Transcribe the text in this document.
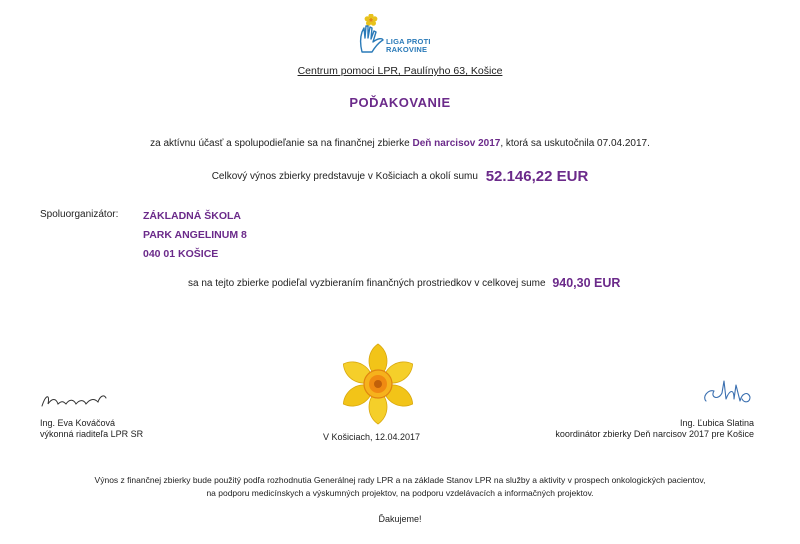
LIGA PROTI
RAKOVINE
Centrum pomoci LPR, Paulínyho 63, Košice
POĎAKOVANIE
za aktívnu účasť a spolupodieľanie sa na finančnej zbierke Deň narcisov 2017, ktorá sa uskutočnila 07.04.2017.
Celkový výnos zbierky predstavuje v Košiciach a okolí sumu 52.146,22 EUR
Spoluorganizátor: ZÁKLADNÁ ŠKOLA
PARK ANGELINUM 8
040 01 KOŠICE
sa na tejto zbierke podieľal vyzbieraním finančných prostriedkov v celkovej sume 940,30 EUR
Ing. Eva Kováčová
výkonná riaditeľa LPR SR	V Košiciach, 12.04.2017
Ing. Ľubica Slatina
koordinátor zbierky Deň narcisov 2017 pre Košice
Výnos z finančnej zbierky bude použitý podľa rozhodnutia Generálnej rady LPR a na základe Stanov LPR na služby a aktivity v prospech onkologických pacientov,
na podporu medicínskych a výskumných projektov, na podporu vzdelávacích a informačných projektov.
Ďakujeme!
